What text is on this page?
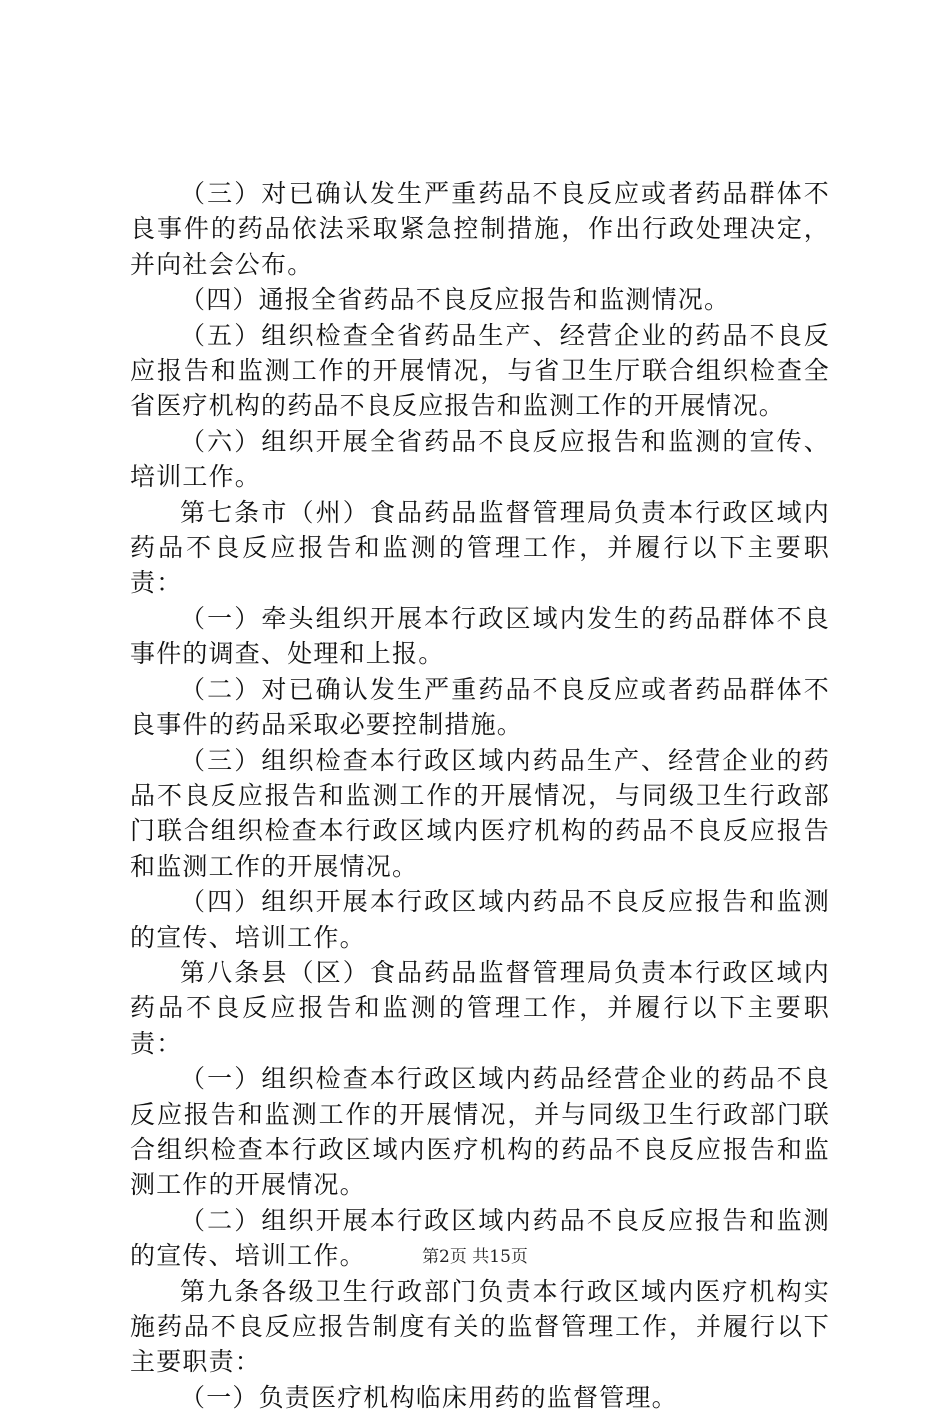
（三）对已确认发生严重药品不良反应或者药品群体不良事件的药品依法采取紧急控制措施，作出行政处理决定，并向社会公布。

（四）通报全省药品不良反应报告和监测情况。

（五）组织检查全省药品生产、经营企业的药品不良反应报告和监测工作的开展情况，与省卫生厅联合组织检查全省医疗机构的药品不良反应报告和监测工作的开展情况。

（六）组织开展全省药品不良反应报告和监测的宣传、培训工作。

第七条市（州）食品药品监督管理局负责本行政区域内药品不良反应报告和监测的管理工作，并履行以下主要职责：

（一）牵头组织开展本行政区域内发生的药品群体不良事件的调查、处理和上报。

（二）对已确认发生严重药品不良反应或者药品群体不良事件的药品采取必要控制措施。

（三）组织检查本行政区域内药品生产、经营企业的药品不良反应报告和监测工作的开展情况，与同级卫生行政部门联合组织检查本行政区域内医疗机构的药品不良反应报告和监测工作的开展情况。

（四）组织开展本行政区域内药品不良反应报告和监测的宣传、培训工作。

第八条县（区）食品药品监督管理局负责本行政区域内药品不良反应报告和监测的管理工作，并履行以下主要职责：

（一）组织检查本行政区域内药品经营企业的药品不良反应报告和监测工作的开展情况，并与同级卫生行政部门联合组织检查本行政区域内医疗机构的药品不良反应报告和监测工作的开展情况。

（二）组织开展本行政区域内药品不良反应报告和监测的宣传、培训工作。

第九条各级卫生行政部门负责本行政区域内医疗机构实施药品不良反应报告制度有关的监督管理工作，并履行以下主要职责：

（一）负责医疗机构临床用药的监督管理。

第2页 共15页
